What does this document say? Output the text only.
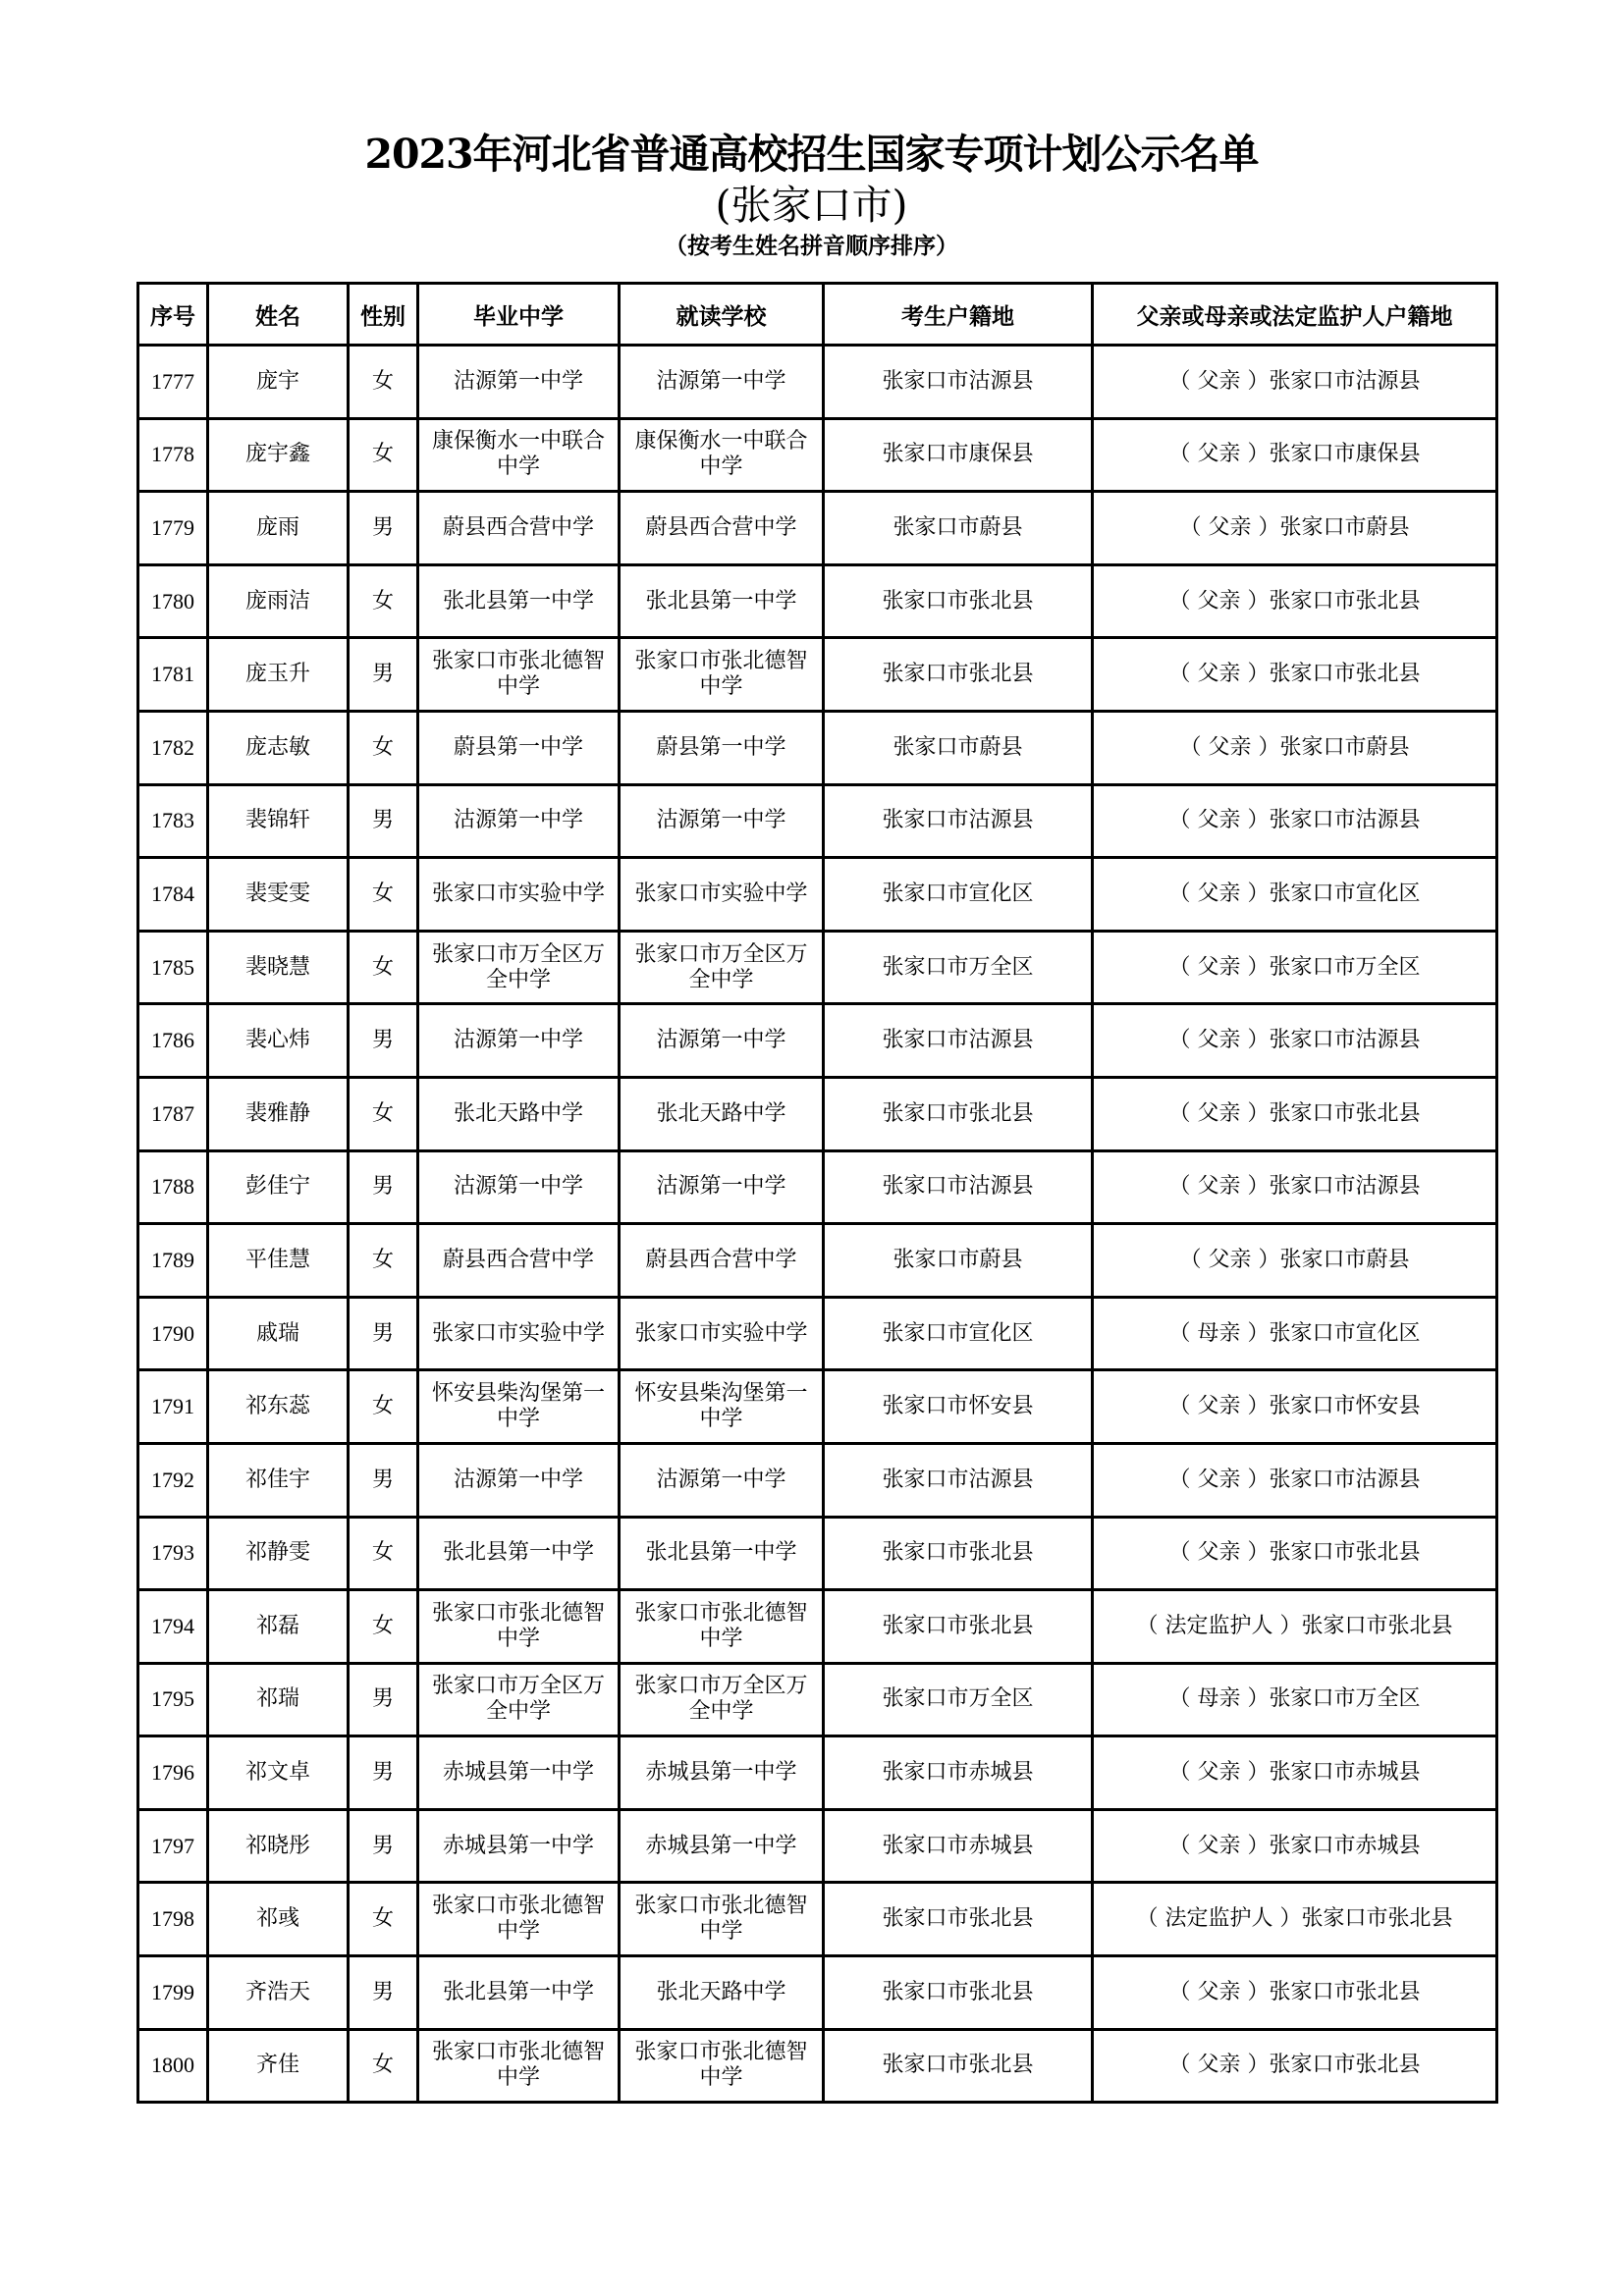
2023年河北省普通高校招生国家专项计划公示名单
(张家口市)
（按考生姓名拼音顺序排序）
序号	姓名	性别	毕业中学	就读学校	考生户籍地	父亲或母亲或法定监护人户籍地
1777	庞宇	女	沽源第一中学	沽源第一中学	张家口市沽源县	（ 父亲 ）张家口市沽源县
1778	庞宇鑫	女	康保衡水一中联合中学	康保衡水一中联合中学	张家口市康保县	（ 父亲 ）张家口市康保县
1779	庞雨	男	蔚县西合营中学	蔚县西合营中学	张家口市蔚县	（ 父亲 ）张家口市蔚县
1780	庞雨洁	女	张北县第一中学	张北县第一中学	张家口市张北县	（ 父亲 ）张家口市张北县
1781	庞玉升	男	张家口市张北德智中学	张家口市张北德智中学	张家口市张北县	（ 父亲 ）张家口市张北县
1782	庞志敏	女	蔚县第一中学	蔚县第一中学	张家口市蔚县	（ 父亲 ）张家口市蔚县
1783	裴锦轩	男	沽源第一中学	沽源第一中学	张家口市沽源县	（ 父亲 ）张家口市沽源县
1784	裴雯雯	女	张家口市实验中学	张家口市实验中学	张家口市宣化区	（ 父亲 ）张家口市宣化区
1785	裴晓慧	女	张家口市万全区万全中学	张家口市万全区万全中学	张家口市万全区	（ 父亲 ）张家口市万全区
1786	裴心炜	男	沽源第一中学	沽源第一中学	张家口市沽源县	（ 父亲 ）张家口市沽源县
1787	裴雅静	女	张北天路中学	张北天路中学	张家口市张北县	（ 父亲 ）张家口市张北县
1788	彭佳宁	男	沽源第一中学	沽源第一中学	张家口市沽源县	（ 父亲 ）张家口市沽源县
1789	平佳慧	女	蔚县西合营中学	蔚县西合营中学	张家口市蔚县	（ 父亲 ）张家口市蔚县
1790	戚瑞	男	张家口市实验中学	张家口市实验中学	张家口市宣化区	（ 母亲 ）张家口市宣化区
1791	祁东蕊	女	怀安县柴沟堡第一中学	怀安县柴沟堡第一中学	张家口市怀安县	（ 父亲 ）张家口市怀安县
1792	祁佳宇	男	沽源第一中学	沽源第一中学	张家口市沽源县	（ 父亲 ）张家口市沽源县
1793	祁静雯	女	张北县第一中学	张北县第一中学	张家口市张北县	（ 父亲 ）张家口市张北县
1794	祁磊	女	张家口市张北德智中学	张家口市张北德智中学	张家口市张北县	（ 法定监护人 ）张家口市张北县
1795	祁瑞	男	张家口市万全区万全中学	张家口市万全区万全中学	张家口市万全区	（ 母亲 ）张家口市万全区
1796	祁文卓	男	赤城县第一中学	赤城县第一中学	张家口市赤城县	（ 父亲 ）张家口市赤城县
1797	祁晓彤	男	赤城县第一中学	赤城县第一中学	张家口市赤城县	（ 父亲 ）张家口市赤城县
1798	祁彧	女	张家口市张北德智中学	张家口市张北德智中学	张家口市张北县	（ 法定监护人 ）张家口市张北县
1799	齐浩天	男	张北县第一中学	张北天路中学	张家口市张北县	（ 父亲 ）张家口市张北县
1800	齐佳	女	张家口市张北德智中学	张家口市张北德智中学	张家口市张北县	（ 父亲 ）张家口市张北县
